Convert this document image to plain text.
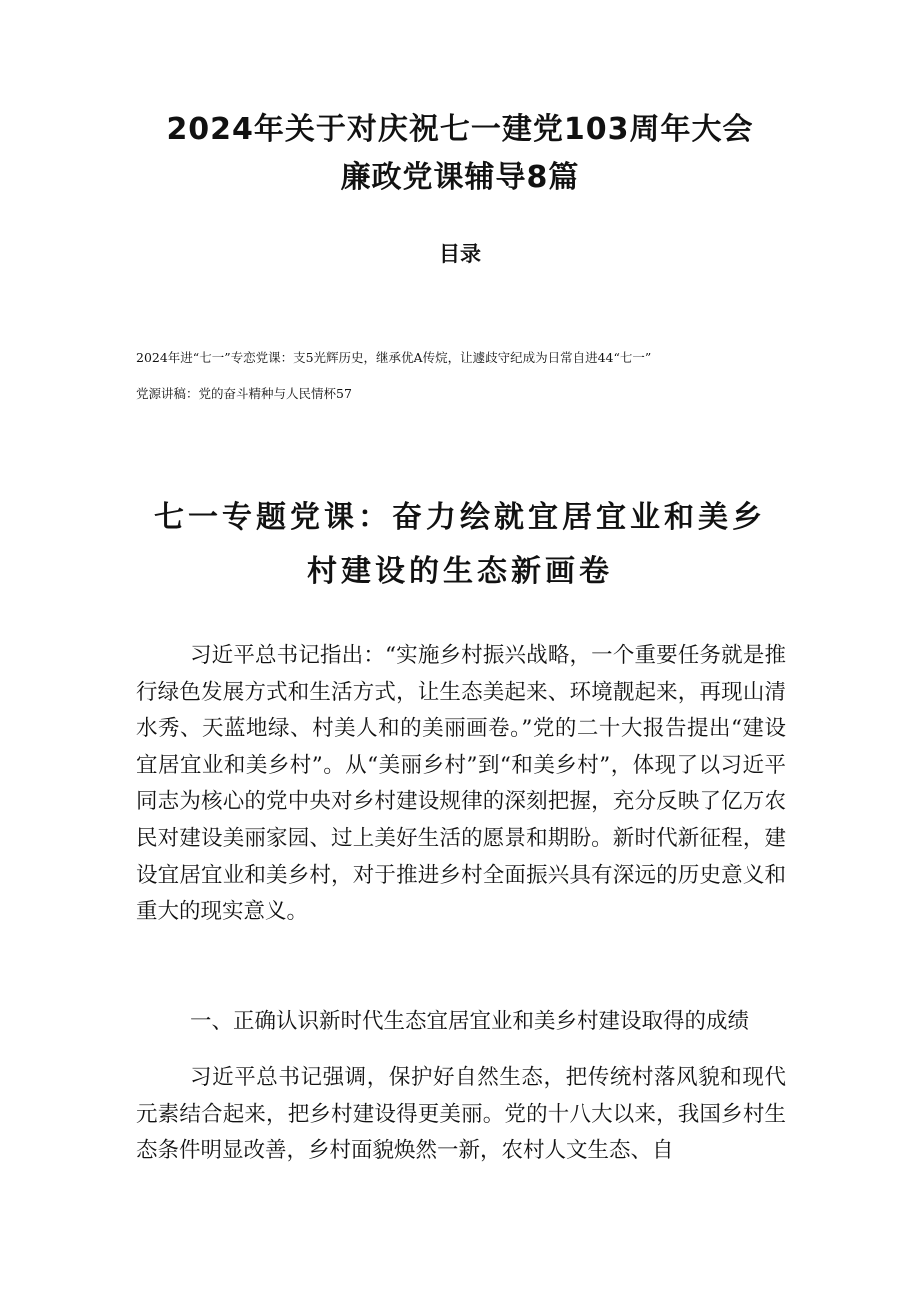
2024年关于对庆祝七一建党103周年大会
廉政党课辅导8篇
目录
2024年进“七一”专恋党课：支5光辉历史，继承优A传烷，让遽歧守纪成为日常自进44“七一”
党源讲稿：党的奋斗精种与人民情杯57
七一专题党课：奋力绘就宜居宜业和美乡
村建设的生态新画卷

习近平总书记指出：“实施乡村振兴战略，一个重要任务就是推行绿色发展方式和生活方式，让生态美起来、环境靓起来，再现山清水秀、天蓝地绿、村美人和的美丽画卷。”党的二十大报告提出“建设宜居宜业和美乡村”。从“美丽乡村”到“和美乡村”，体现了以习近平同志为核心的党中央对乡村建设规律的深刻把握，充分反映了亿万农民对建设美丽家园、过上美好生活的愿景和期盼。新时代新征程，建设宜居宜业和美乡村，对于推进乡村全面振兴具有深远的历史意义和重大的现实意义。

一、正确认识新时代生态宜居宜业和美乡村建设取得的成绩

习近平总书记强调，保护好自然生态，把传统村落风貌和现代元素结合起来，把乡村建设得更美丽。党的十八大以来，我国乡村生态条件明显改善，乡村面貌焕然一新，农村人文生态、自
